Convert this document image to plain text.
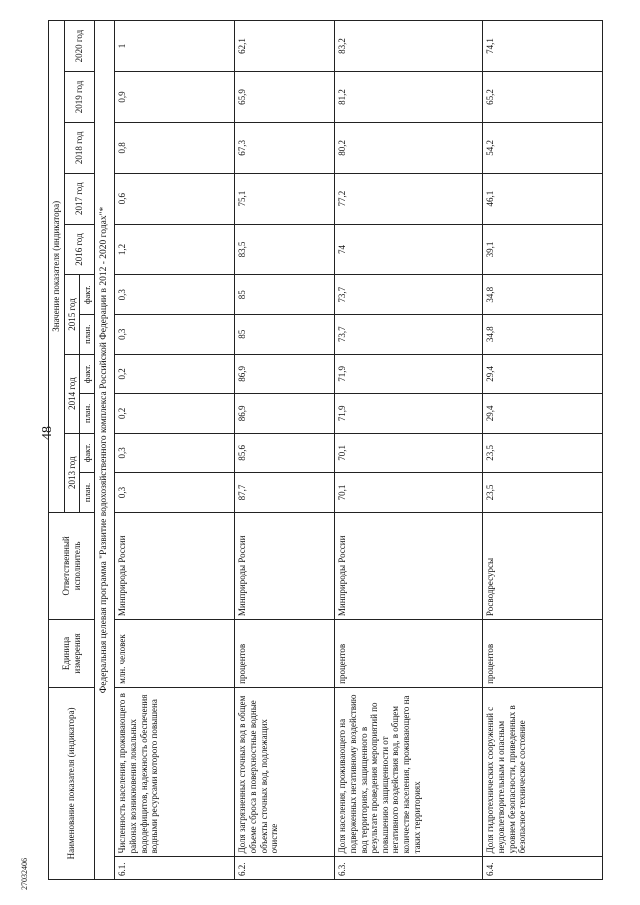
48
27032406
Наименование показателя (индикатора)		Единица измерения	Ответственный исполнитель	Значение показателя (индикатора)										
				2013 год		2014 год		2015 год		2016 год	2017 год	2018 год	2019 год	2020 год
				план.	факт.	план.	факт.	план.	факт.					
Федеральная целевая программа "Развитие водохозяйственного комплекса Российской Федерации в 2012 - 2020 годах"*														
6.1.	Численность населения, проживающего в районах возникновения локальных вододефицитов, надежность обеспечения водными ресурсами которого повышена	млн. человек	Минприроды России	0,3	0,3	0,2	0,2	0,3	0,3	1,2	0,6	0,8	0,9	1
6.2.	Доля загрязненных сточных вод в общем объеме сброса в поверхностные водные объекты сточных вод, подлежащих очистке	процентов	Минприроды России	87,7	85,6	86,9	86,9	85	85	83,5	75,1	67,3	65,9	62,1
6.3.	Доля населения, проживающего на подверженных негативному воздействию вод территориях, защищенного в результате проведения мероприятий по повышению защищенности от негативного воздействия вод, в общем количестве населения, проживающего на таких территориях	процентов	Минприроды России	70,1	70,1	71,9	71,9	73,7	73,7	74	77,2	80,2	81,2	83,2
6.4.	Доля гидротехнических сооружений с неудовлетворительным и опасным уровнем безопасности, приведенных в безопасное техническое состояние	процентов	Росводресурсы	23,5	23,5	29,4	29,4	34,8	34,8	39,1	46,1	54,2	65,2	74,1
